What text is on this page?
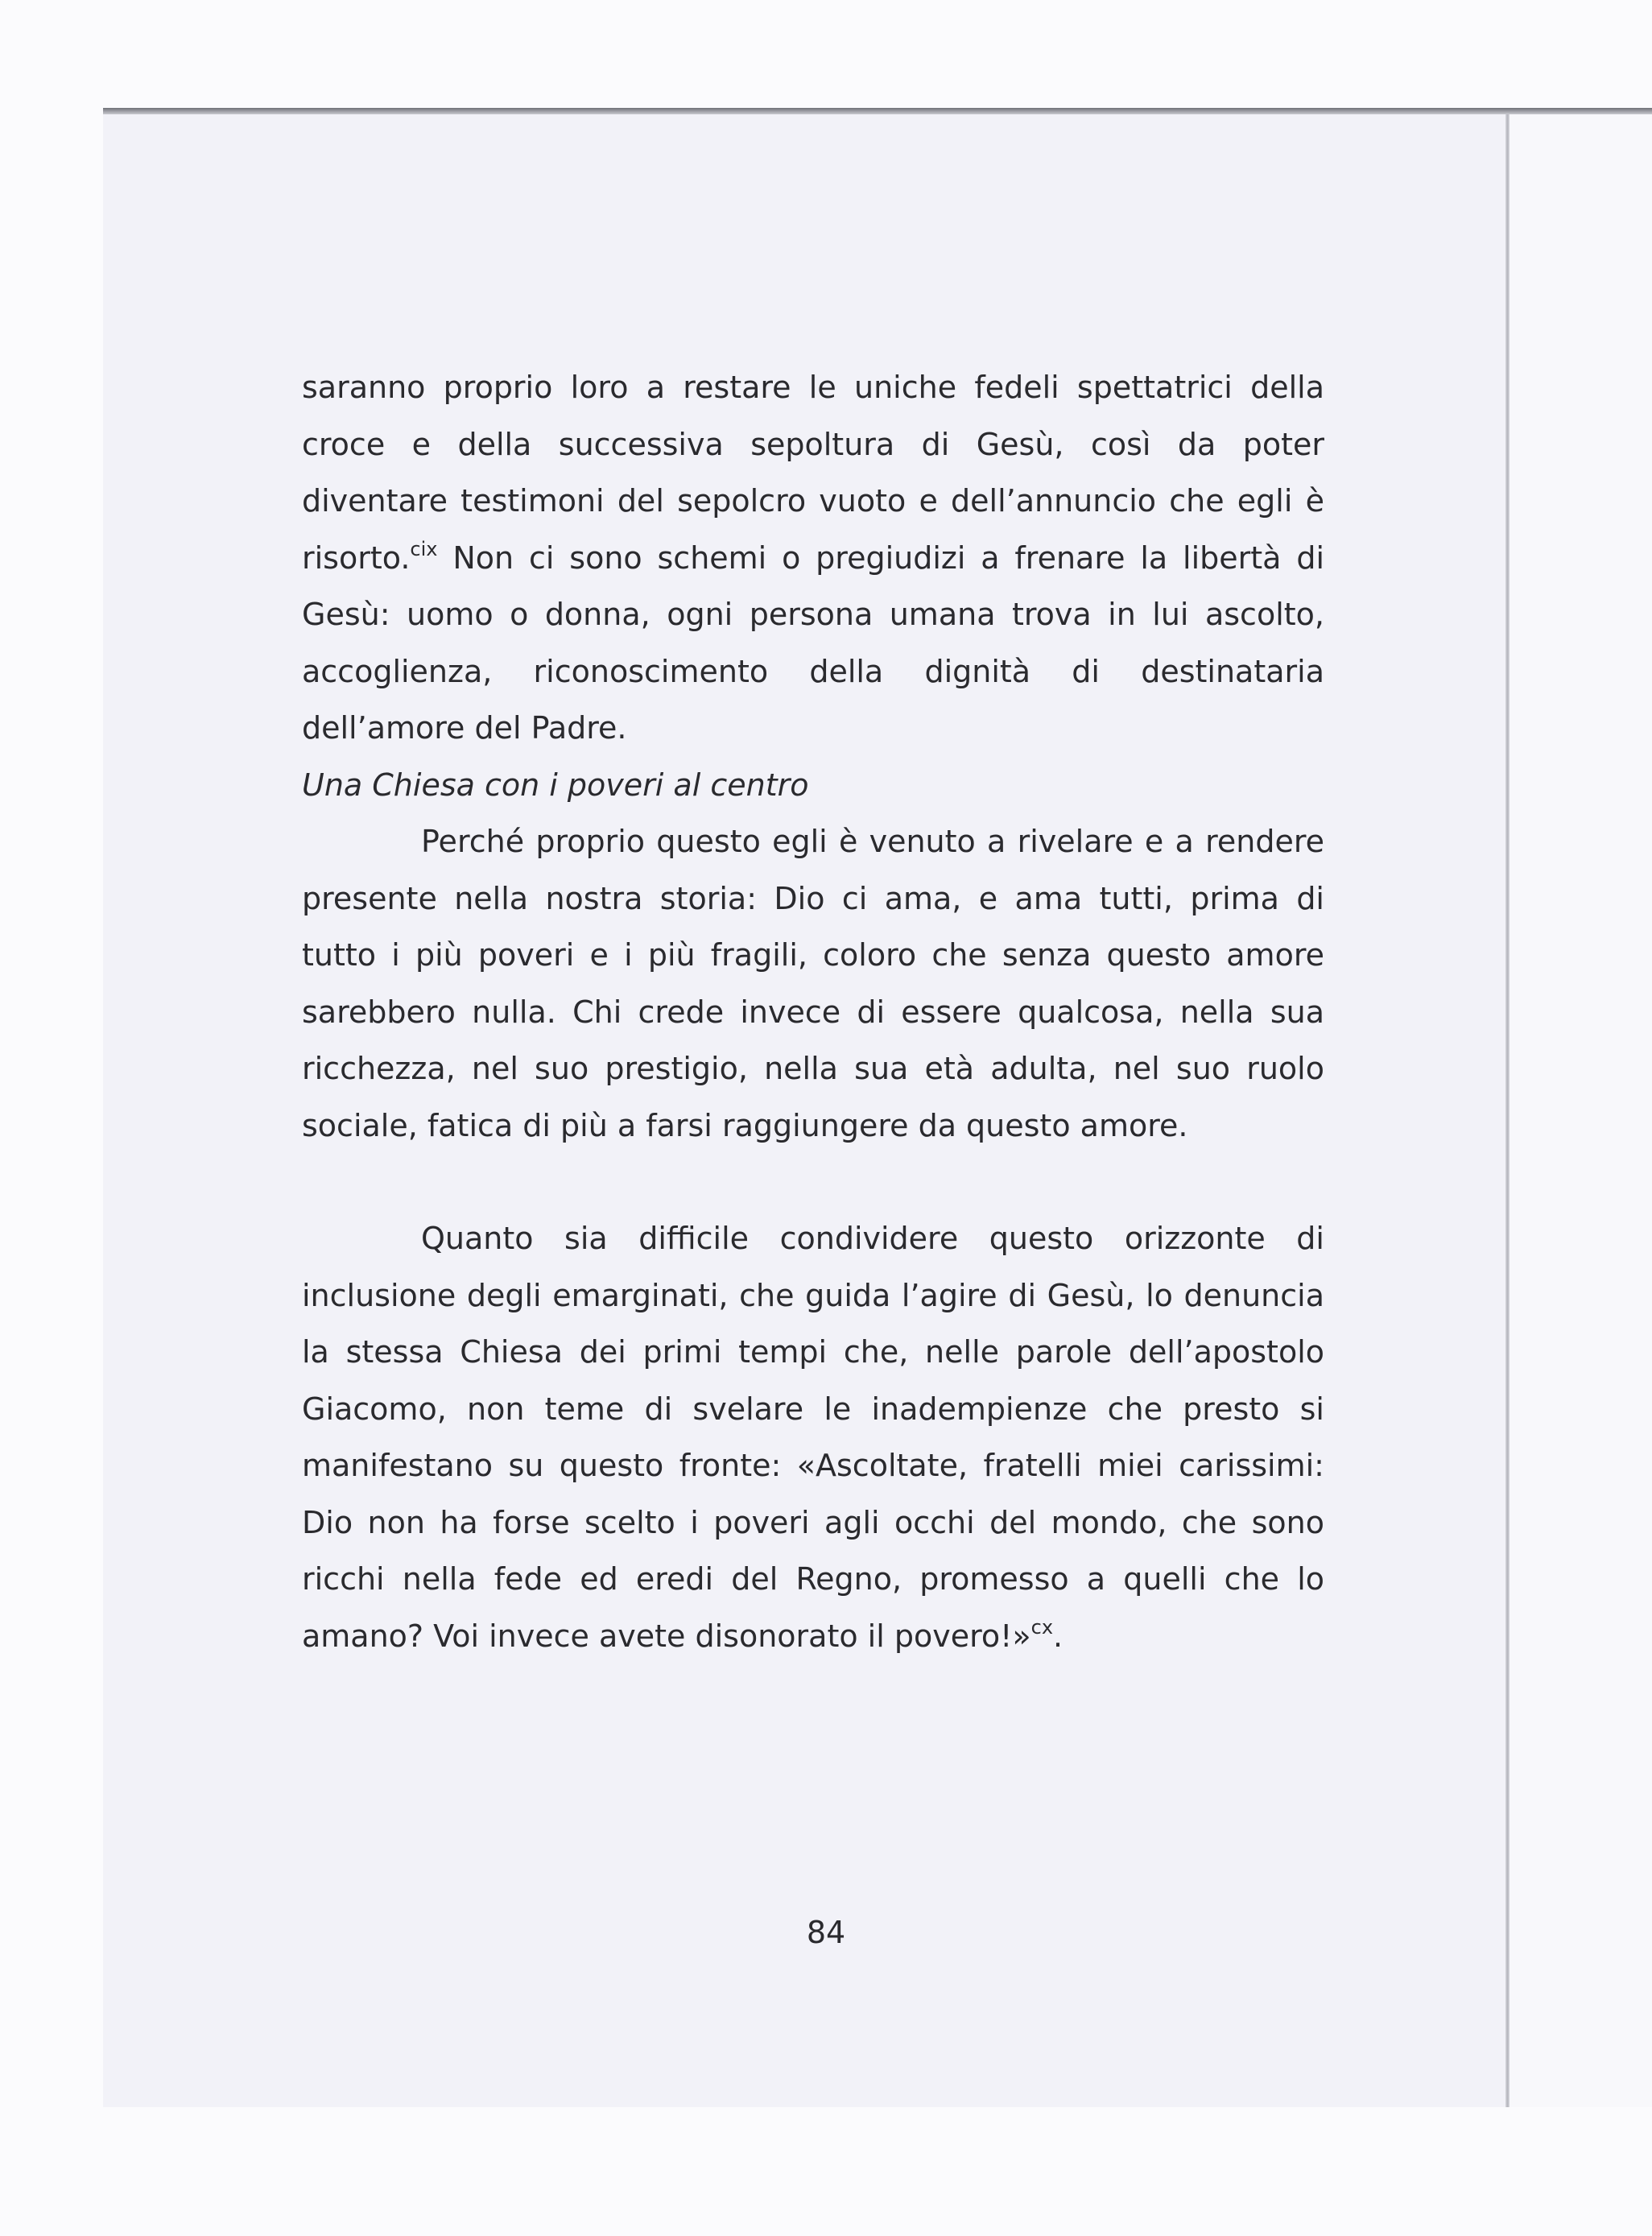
saranno proprio loro a restare le uniche fedeli spettatrici della croce e della successiva sepoltura di Gesù, così da poter diventare testimoni del sepolcro vuoto e dell’annuncio che egli è risorto.$^{cix}$ Non ci sono schemi o pregiudizi a frenare la libertà di Gesù: uomo o donna, ogni persona umana trova in lui ascolto, accoglienza, riconoscimento della dignità di destinataria dell’amore del Padre.

Una Chiesa con i poveri al centro

Perché proprio questo egli è venuto a rivelare e a rendere presente nella nostra storia: Dio ci ama, e ama tutti, prima di tutto i più poveri e i più fragili, coloro che senza questo amore sarebbero nulla. Chi crede invece di essere qualcosa, nella sua ricchezza, nel suo prestigio, nella sua età adulta, nel suo ruolo sociale, fatica di più a farsi raggiungere da questo amore.

Quanto sia difficile condividere questo orizzonte di inclusione degli emarginati, che guida l’agire di Gesù, lo denuncia la stessa Chiesa dei primi tempi che, nelle parole dell’apostolo Giacomo, non teme di svelare le inadempienze che presto si manifestano su questo fronte: «Ascoltate, fratelli miei carissimi: Dio non ha forse scelto i poveri agli occhi del mondo, che sono ricchi nella fede ed eredi del Regno, promesso a quelli che lo amano? Voi invece avete disonorato il povero!»$^{cx}$.

84
